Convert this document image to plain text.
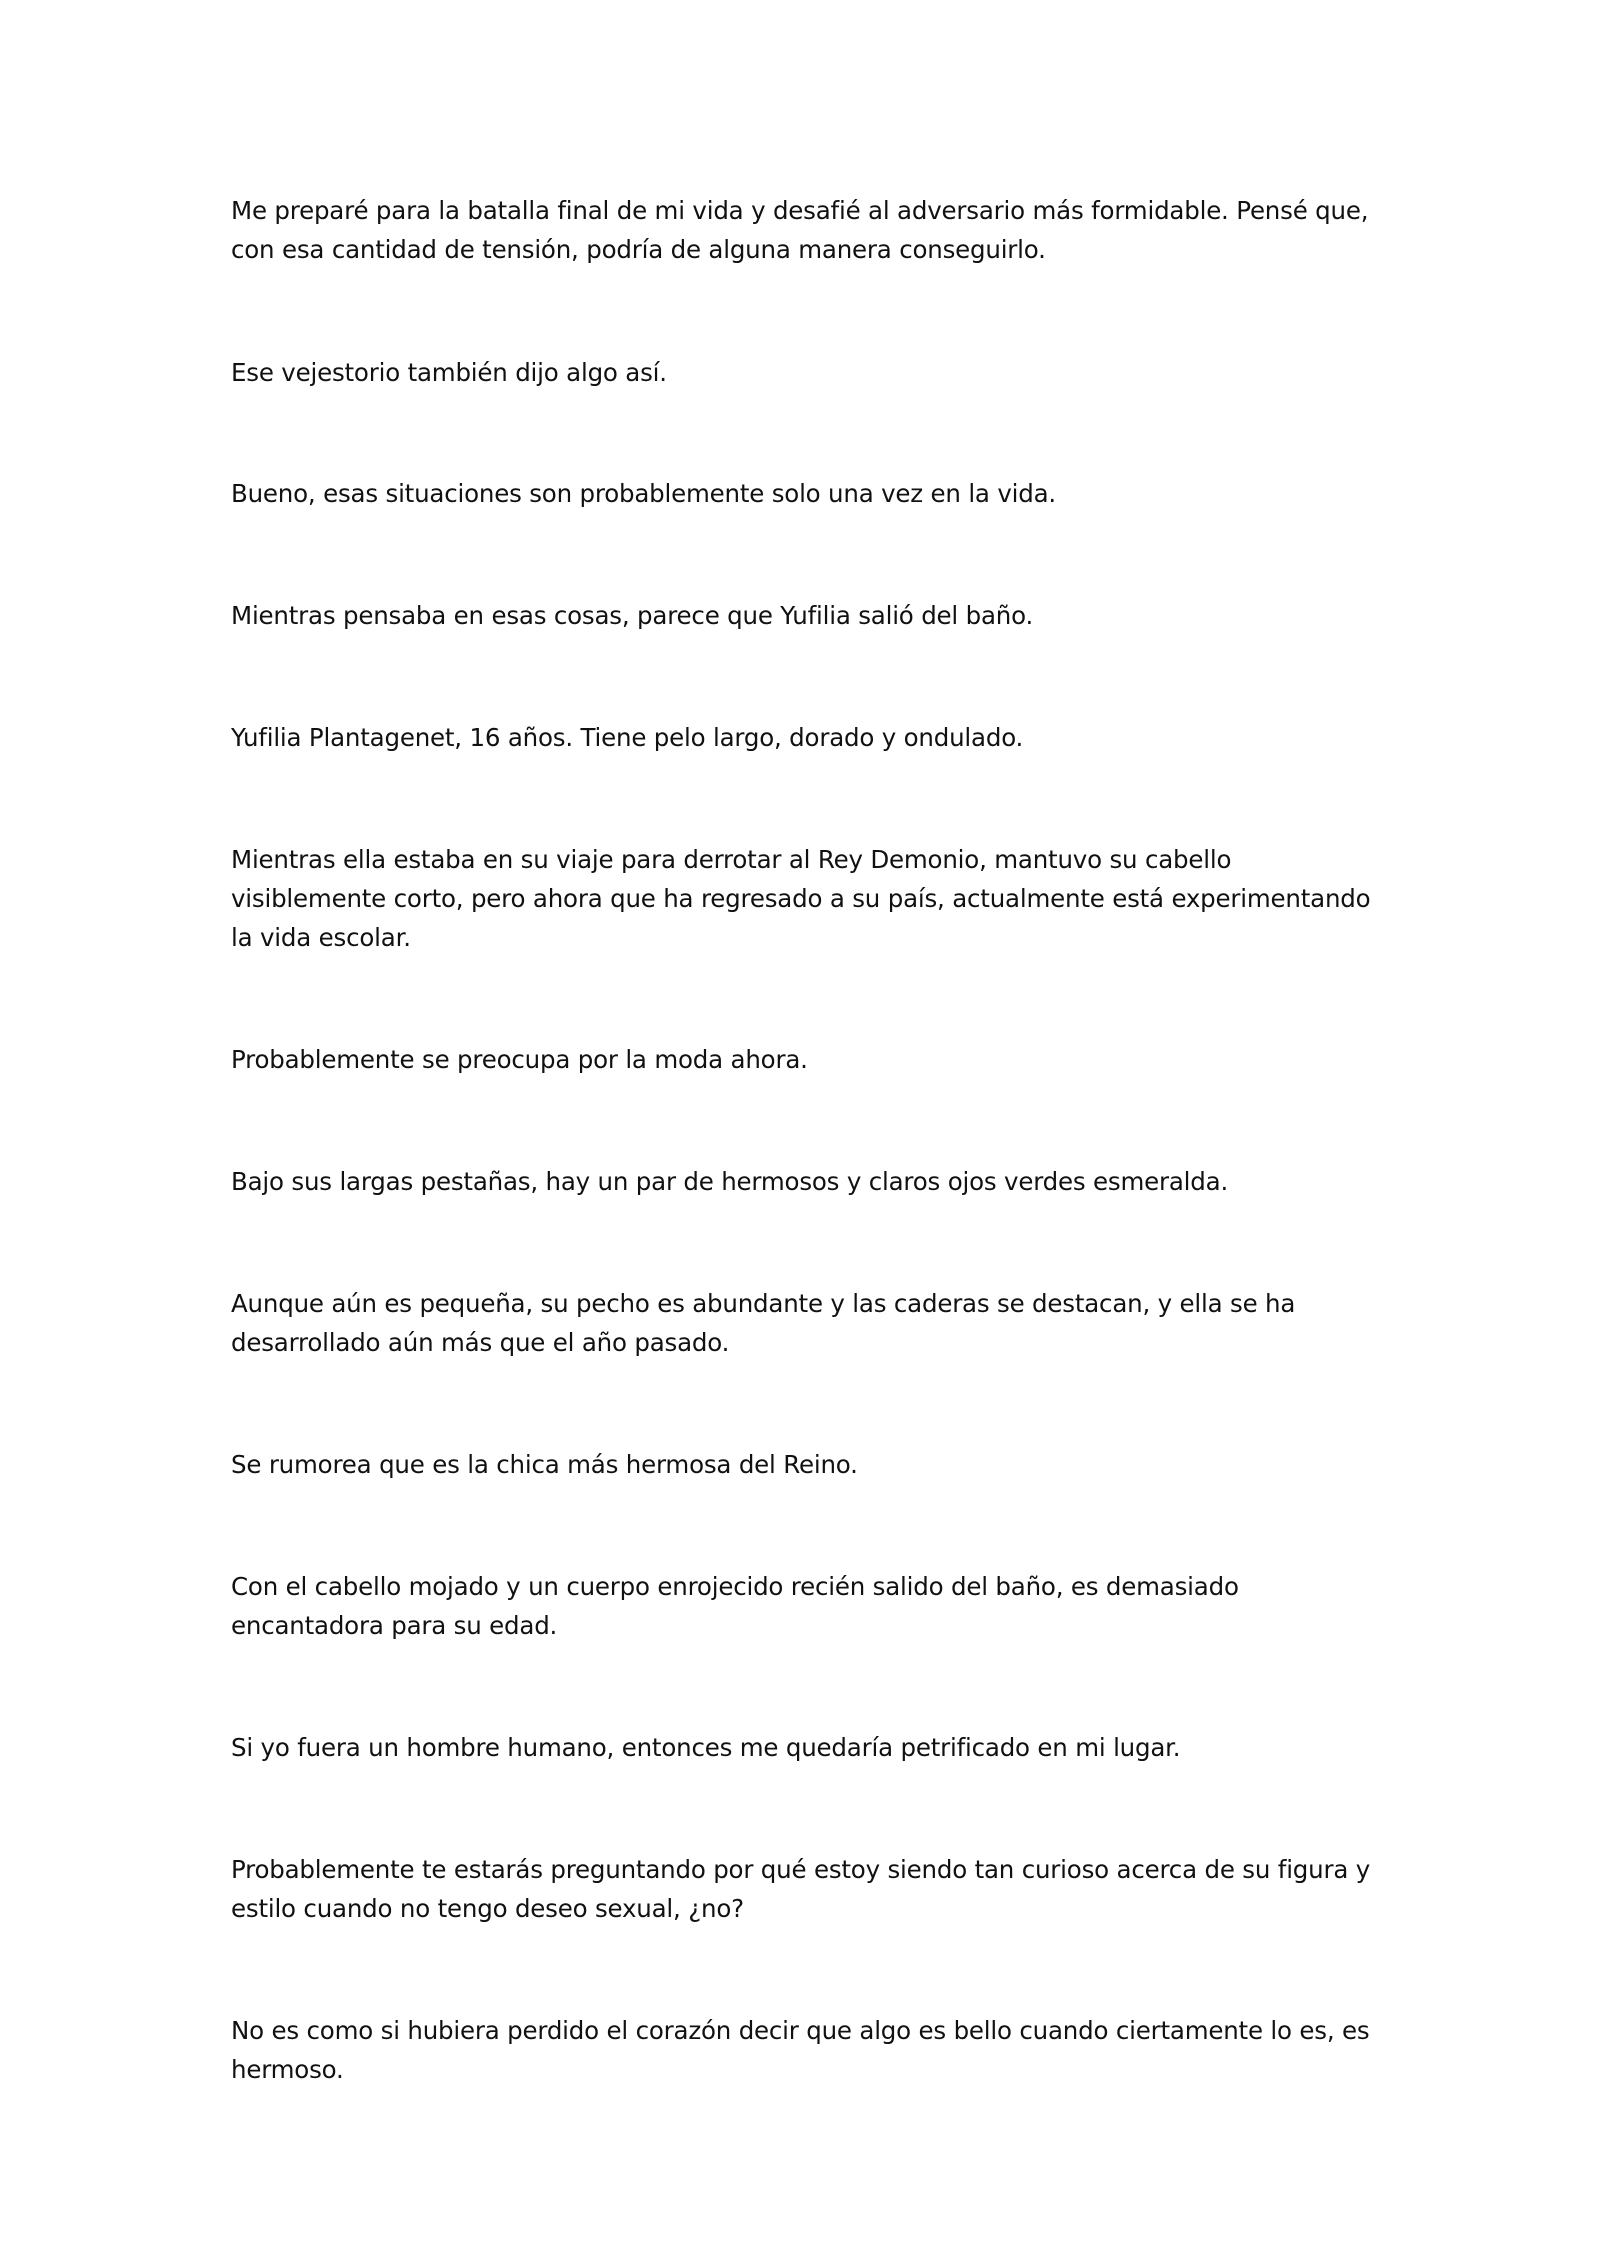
Me preparé para la batalla final de mi vida y desafié al adversario más formidable. Pensé que, con esa cantidad de tensión, podría de alguna manera conseguirlo.

Ese vejestorio también dijo algo así.

Bueno, esas situaciones son probablemente solo una vez en la vida.

Mientras pensaba en esas cosas, parece que Yufilia salió del baño.

Yufilia Plantagenet, 16 años. Tiene pelo largo, dorado y ondulado.

Mientras ella estaba en su viaje para derrotar al Rey Demonio, mantuvo su cabello visiblemente corto, pero ahora que ha regresado a su país, actualmente está experimentando la vida escolar.

Probablemente se preocupa por la moda ahora.

Bajo sus largas pestañas, hay un par de hermosos y claros ojos verdes esmeralda.

Aunque aún es pequeña, su pecho es abundante y las caderas se destacan, y ella se ha desarrollado aún más que el año pasado.

Se rumorea que es la chica más hermosa del Reino.

Con el cabello mojado y un cuerpo enrojecido recién salido del baño, es demasiado encantadora para su edad.

Si yo fuera un hombre humano, entonces me quedaría petrificado en mi lugar.

Probablemente te estarás preguntando por qué estoy siendo tan curioso acerca de su figura y estilo cuando no tengo deseo sexual, ¿no?

No es como si hubiera perdido el corazón decir que algo es bello cuando ciertamente lo es, es hermoso.
